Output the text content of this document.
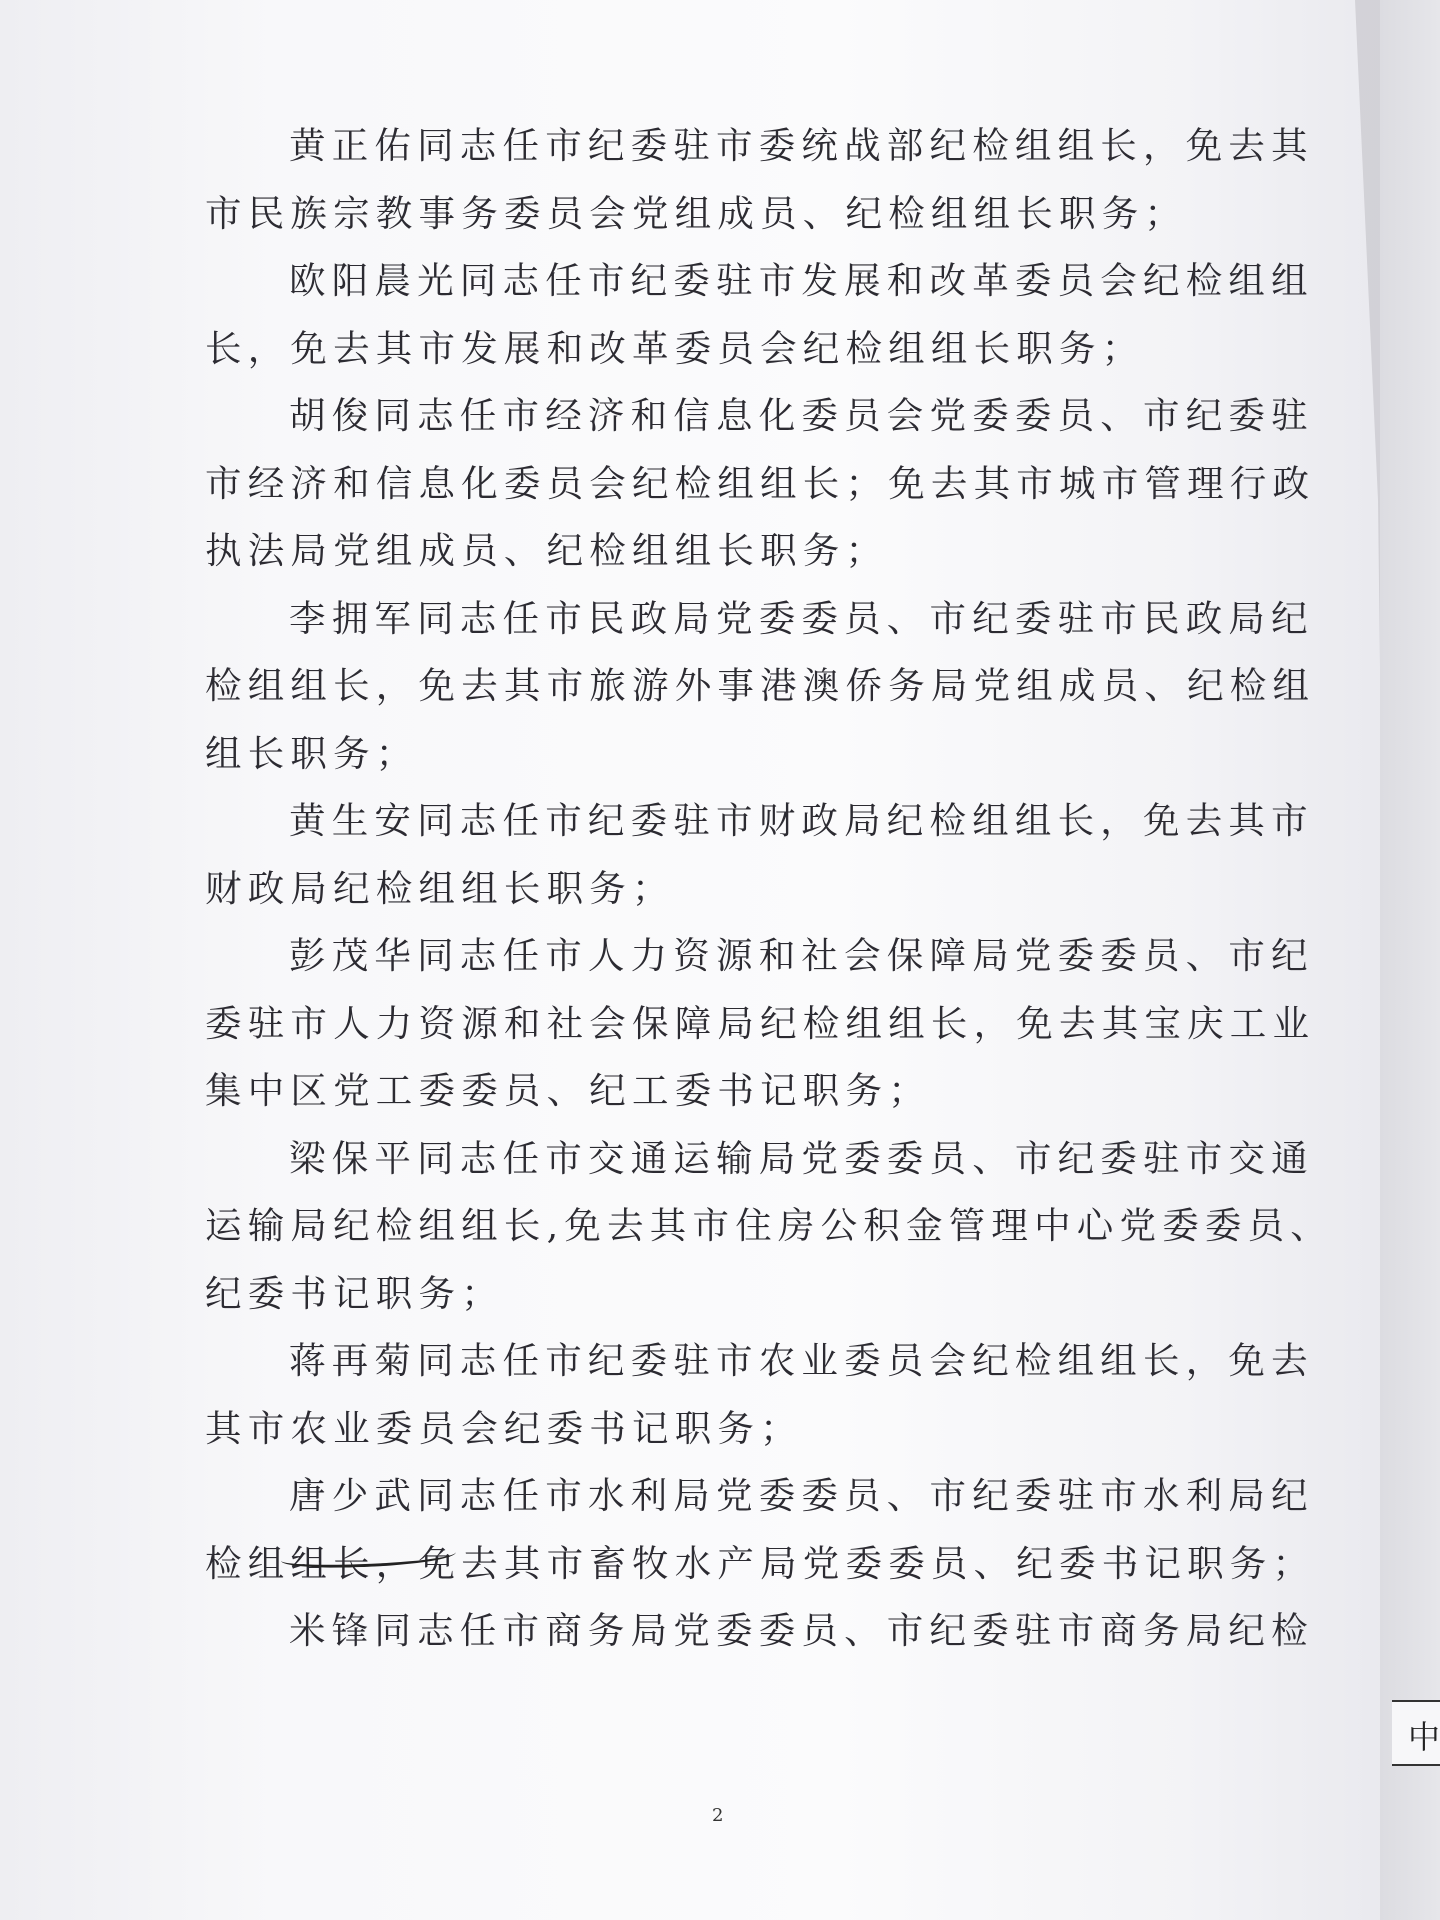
黄正佑同志任市纪委驻市委统战部纪检组组长，免去其
市民族宗教事务委员会党组成员、纪检组组长职务；
欧阳晨光同志任市纪委驻市发展和改革委员会纪检组组
长，免去其市发展和改革委员会纪检组组长职务；
胡俊同志任市经济和信息化委员会党委委员、市纪委驻
市经济和信息化委员会纪检组组长；免去其市城市管理行政
执法局党组成员、纪检组组长职务；
李拥军同志任市民政局党委委员、市纪委驻市民政局纪
检组组长，免去其市旅游外事港澳侨务局党组成员、纪检组
组长职务；
黄生安同志任市纪委驻市财政局纪检组组长，免去其市
财政局纪检组组长职务；
彭茂华同志任市人力资源和社会保障局党委委员、市纪
委驻市人力资源和社会保障局纪检组组长，免去其宝庆工业
集中区党工委委员、纪工委书记职务；
梁保平同志任市交通运输局党委委员、市纪委驻市交通
运输局纪检组组长,免去其市住房公积金管理中心党委委员、
纪委书记职务；
蒋再菊同志任市纪委驻市农业委员会纪检组组长，免去
其市农业委员会纪委书记职务；
唐少武同志任市水利局党委委员、市纪委驻市水利局纪
检组组长，免去其市畜牧水产局党委委员、纪委书记职务；
米锋同志任市商务局党委委员、市纪委驻市商务局纪检
2
中
